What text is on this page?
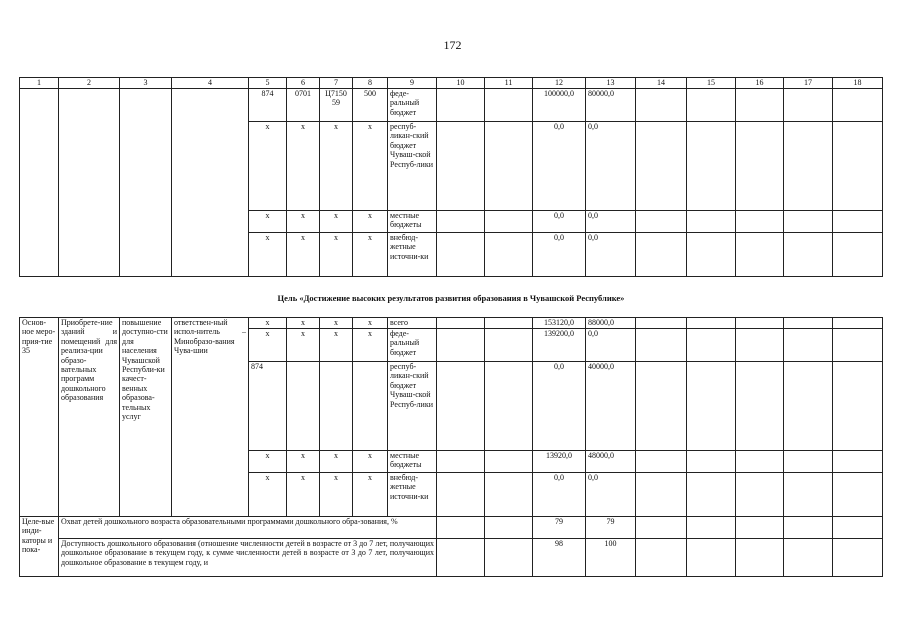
172
1	2	3	4	5	6	7	8	9	10	11	12	13	14	15	16	17	18
				874	0701	Ц7150 59	500	феде-ральный бюджет			100000,0	80000,0					
				x	x	x	x	респуб-ликан-ский бюджет Чуваш-ской Респуб-лики			0,0	0,0					
				x	x	x	x	местные бюджеты			0,0	0,0					
				x	x	x	x	внебюд-жетные источни-ки			0,0	0,0					
Цель «Достижение высоких результатов развития образования в Чувашской Республике»																	
Основ-ное меро-прия-тие 35	Приобрете-ние зданий и помещений для реализа-ции образо-вательных программ дошкольного образования	повышение доступно-сти для населения Чувашской Республи-ки качест-венных образова-тельных услуг	ответствен-ный испол-нитель – Минобразо-вания Чува-шии	x	x	x	x	всего			153120,0	88000,0					
				x	x	x	x	феде-ральный бюджет			139200,0	0,0					
				874				респуб-ликан-ский бюджет Чуваш-ской Респуб-лики			0,0	40000,0					
				x	x	x	x	местные бюджеты			13920,0	48000,0					
				x	x	x	x	внебюд-жетные источни-ки			0,0	0,0					
Целе-вые инди-каторы и пока-	Охват детей дошкольного возраста образовательными программами дошкольного обра-зования, %										79	79					
	Доступность дошкольного образования (отношение численности детей в возрасте от 3 до 7 лет, получающих дошкольное образование в текущем году, к сумме численности детей в возрасте от 3 до 7 лет, получающих дошкольное образование в текущем году, и										98	100					
